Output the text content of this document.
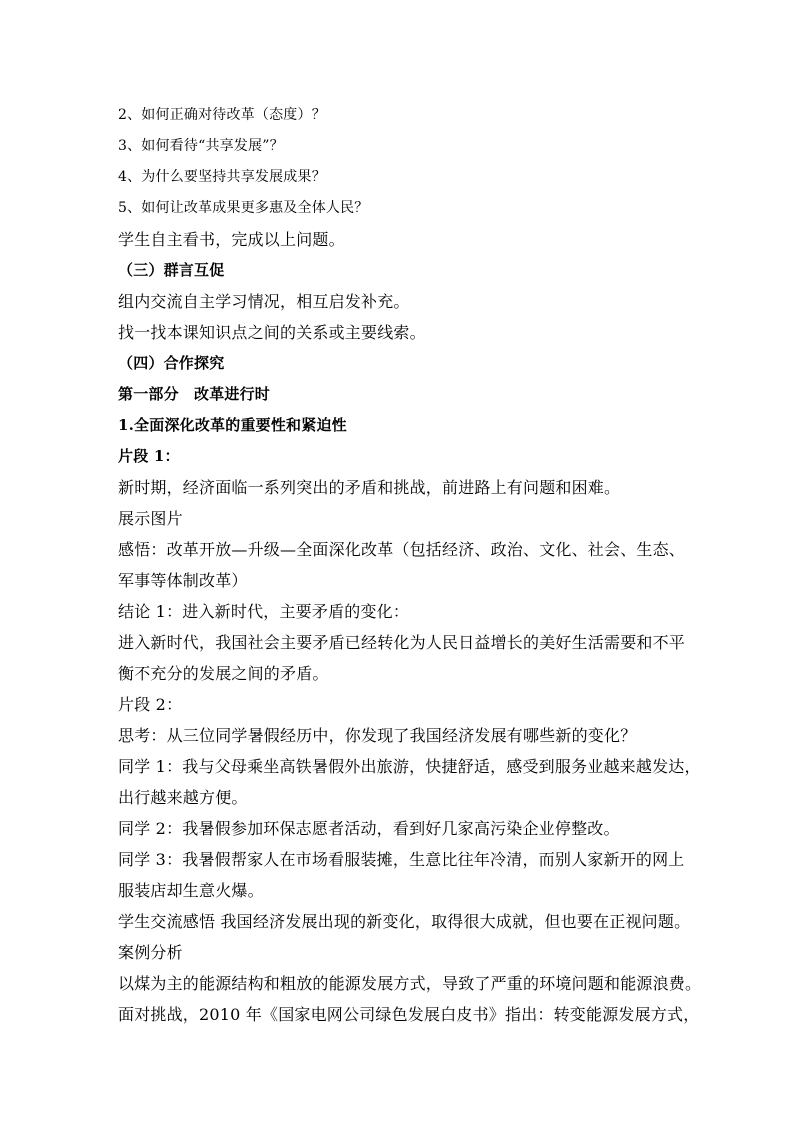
2、如何正确对待改革（态度）？
3、如何看待“共享发展”？
4、为什么要坚持共享发展成果？
5、如何让改革成果更多惠及全体人民？
学生自主看书，完成以上问题。
（三）群言互促
组内交流自主学习情况，相互启发补充。
找一找本课知识点之间的关系或主要线索。
（四）合作探究
第一部分　改革进行时
1.全面深化改革的重要性和紧迫性
片段 1：
新时期，经济面临一系列突出的矛盾和挑战，前进路上有问题和困难。
展示图片
感悟：改革开放—升级—全面深化改革（包括经济、政治、文化、社会、生态、
军事等体制改革）
结论 1：进入新时代，主要矛盾的变化：
进入新时代，我国社会主要矛盾已经转化为人民日益增长的美好生活需要和不平
衡不充分的发展之间的矛盾。
片段 2：
思考：从三位同学暑假经历中，你发现了我国经济发展有哪些新的变化？
同学 1：我与父母乘坐高铁暑假外出旅游，快捷舒适，感受到服务业越来越发达，
出行越来越方便。
同学 2：我暑假参加环保志愿者活动，看到好几家高污染企业停整改。
同学 3：我暑假帮家人在市场看服装摊，生意比往年冷清，而别人家新开的网上
服装店却生意火爆。
学生交流感悟 我国经济发展出现的新变化，取得很大成就，但也要在正视问题。
案例分析
以煤为主的能源结构和粗放的能源发展方式，导致了严重的环境问题和能源浪费。
面对挑战，2010 年《国家电网公司绿色发展白皮书》指出：转变能源发展方式，
